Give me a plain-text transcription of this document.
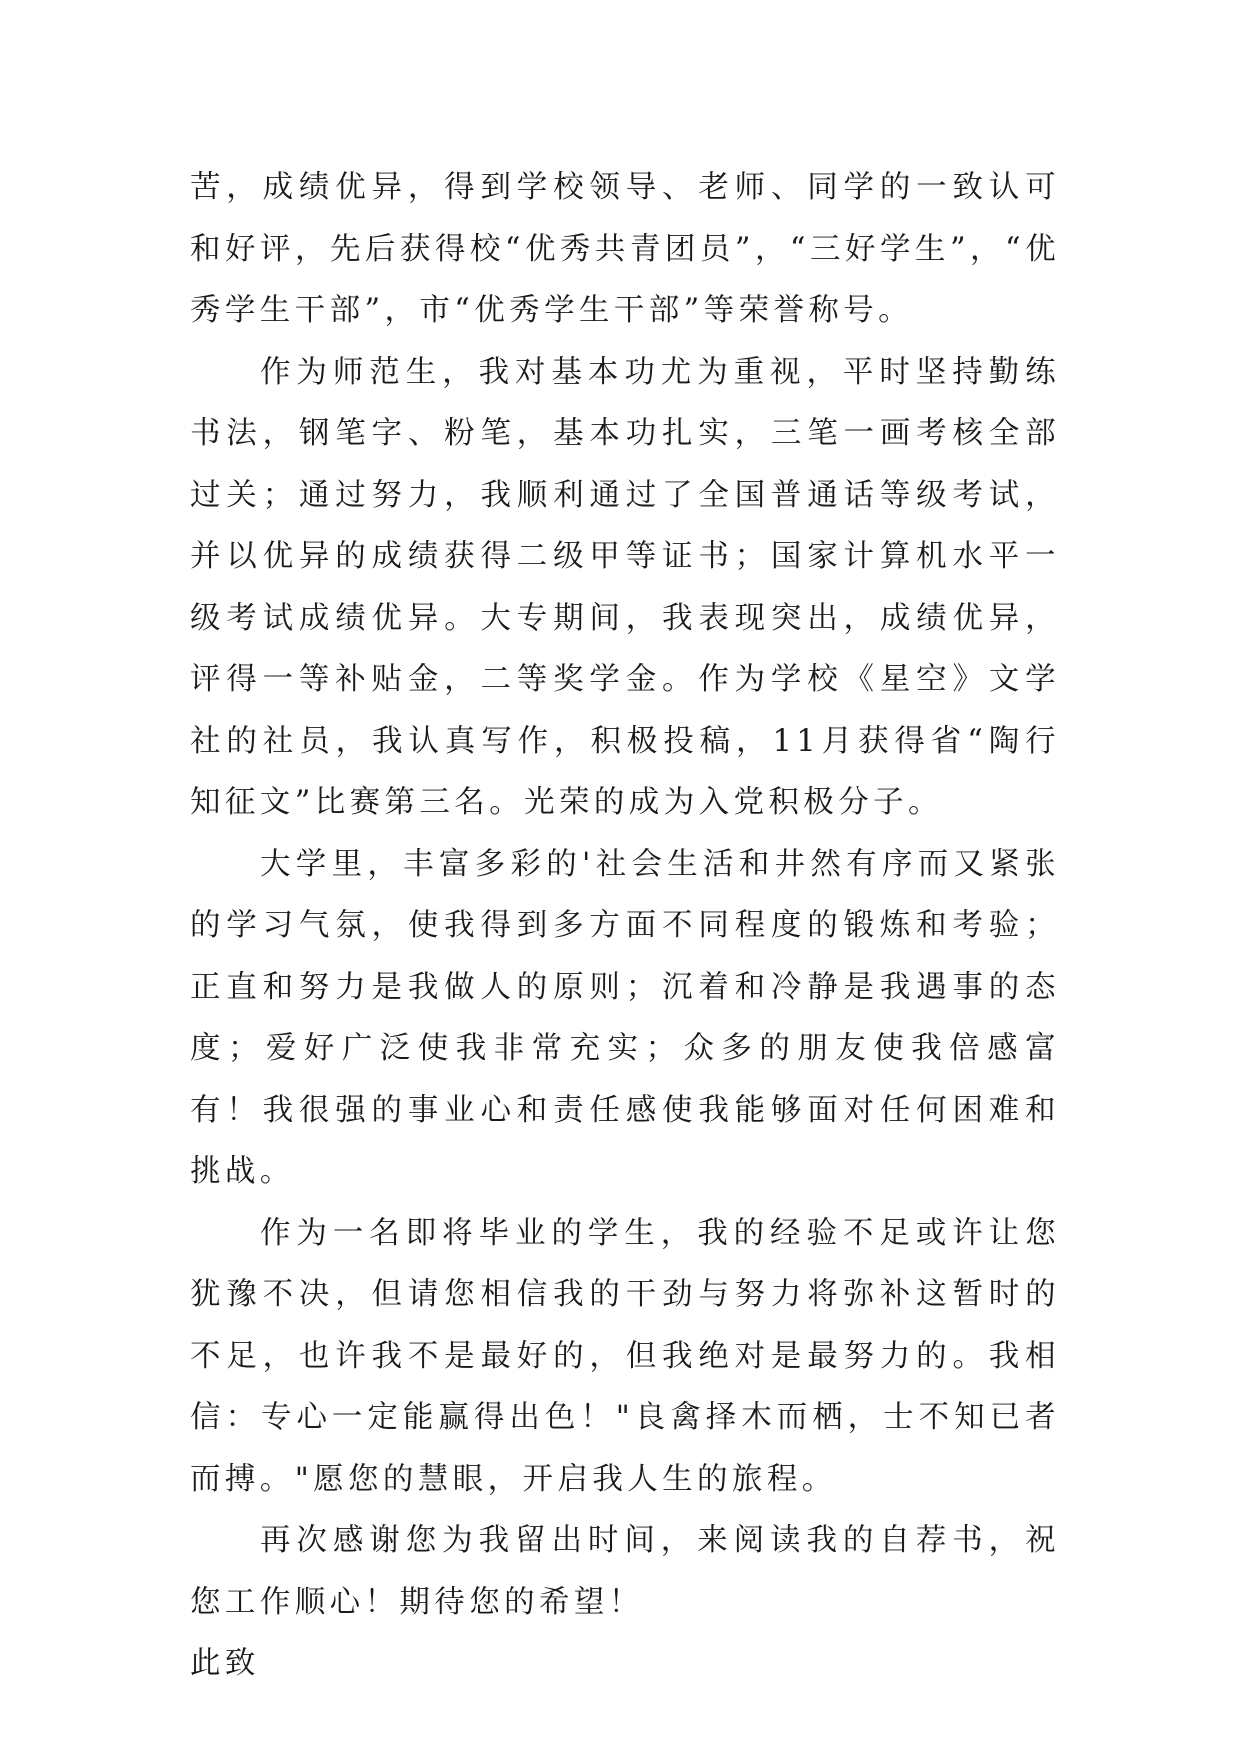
苦，成绩优异，得到学校领导、老师、同学的一致认可和好评，先后获得校“优秀共青团员”，“三好学生”，“优秀学生干部”，市“优秀学生干部”等荣誉称号。

作为师范生，我对基本功尤为重视，平时坚持勤练书法，钢笔字、粉笔，基本功扎实，三笔一画考核全部过关；通过努力，我顺利通过了全国普通话等级考试，并以优异的成绩获得二级甲等证书；国家计算机水平一级考试成绩优异。大专期间，我表现突出，成绩优异，评得一等补贴金，二等奖学金。作为学校《星空》文学社的社员，我认真写作，积极投稿，11月获得省“陶行知征文”比赛第三名。光荣的成为入党积极分子。

大学里，丰富多彩的'社会生活和井然有序而又紧张的学习气氛，使我得到多方面不同程度的锻炼和考验；正直和努力是我做人的原则；沉着和冷静是我遇事的态度；爱好广泛使我非常充实；众多的朋友使我倍感富有！我很强的事业心和责任感使我能够面对任何困难和挑战。

作为一名即将毕业的学生，我的经验不足或许让您犹豫不决，但请您相信我的干劲与努力将弥补这暂时的不足，也许我不是最好的，但我绝对是最努力的。我相信：专心一定能赢得出色！"良禽择木而栖，士不知已者而搏。"愿您的慧眼，开启我人生的旅程。

再次感谢您为我留出时间，来阅读我的自荐书，祝您工作顺心！期待您的希望！

此致
